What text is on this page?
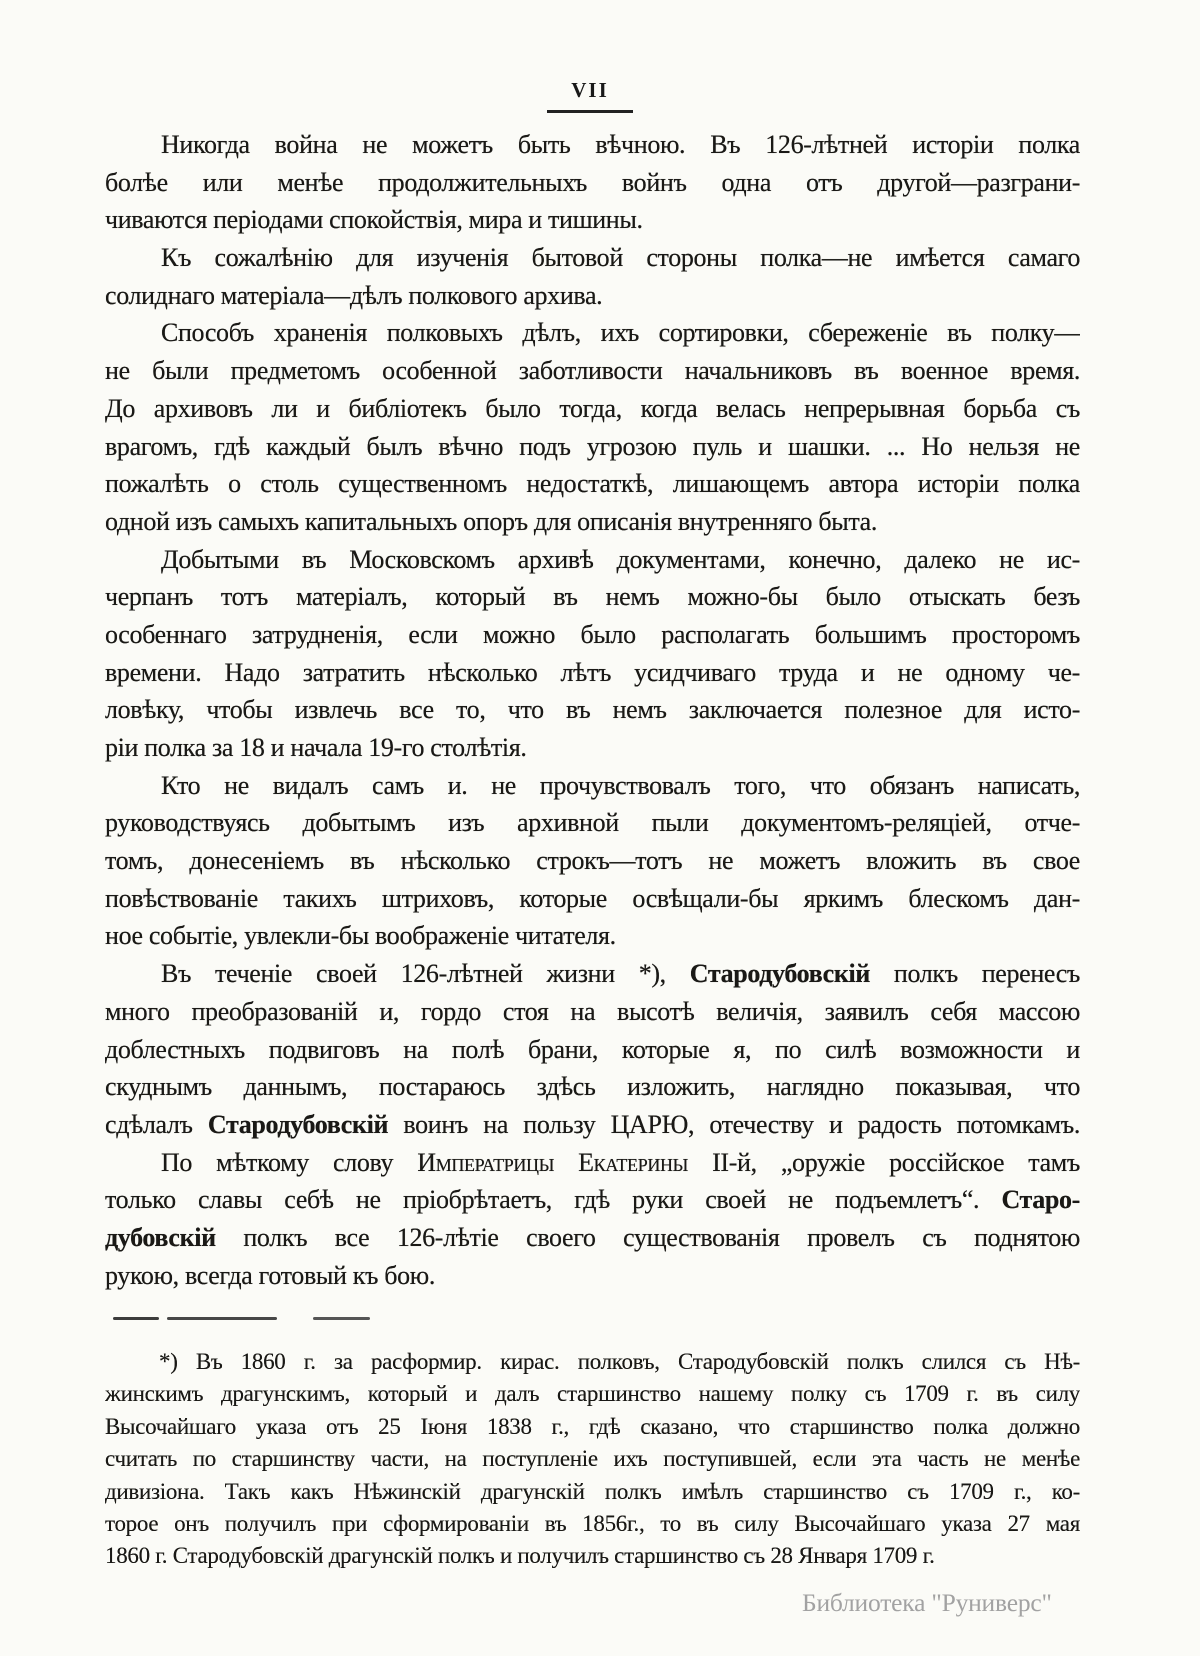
VII
Никогда война не можетъ быть вѣчною. Въ 126-лѣтней исторіи полка
болѣе или менѣе продолжительныхъ войнъ одна отъ другой—разграни-
чиваются періодами спокойствія, мира и тишины.
Къ сожалѣнію для изученія бытовой стороны полка—не имѣется самаго
солиднаго матеріала—дѣлъ полкового архива.
Способъ храненія полковыхъ дѣлъ, ихъ сортировки, сбереженіе въ полку—
не были предметомъ особенной заботливости начальниковъ въ военное время.
До архивовъ ли и библіотекъ было тогда, когда велась непрерывная борьба съ
врагомъ, гдѣ каждый былъ вѣчно подъ угрозою пуль и шашки. ... Но нельзя не
пожалѣть о столь существенномъ недостаткѣ, лишающемъ автора исторіи полка
одной изъ самыхъ капитальныхъ опоръ для описанія внутренняго быта.
Добытыми въ Московскомъ архивѣ документами, конечно, далеко не ис-
черпанъ тотъ матеріалъ, который въ немъ можно-бы было отыскать безъ
особеннаго затрудненія, если можно было располагать большимъ просторомъ
времени. Надо затратить нѣсколько лѣтъ усидчиваго труда и не одному че-
ловѣку, чтобы извлечь все то, что въ немъ заключается полезное для исто-
ріи полка за 18 и начала 19-го столѣтія.
Кто не видалъ самъ и. не прочувствовалъ того, что обязанъ написать,
руководствуясь добытымъ изъ архивной пыли документомъ-реляціей, отче-
томъ, донесеніемъ въ нѣсколько строкъ—тотъ не можетъ вложить въ свое
повѣствованіе такихъ штриховъ, которые освѣщали-бы яркимъ блескомъ дан-
ное событіе, увлекли-бы воображеніе читателя.
Въ теченіе своей 126-лѣтней жизни *), Стародубовскій полкъ перенесъ
много преобразованій и, гордо стоя на высотѣ величія, заявилъ себя массою
доблестныхъ подвиговъ на полѣ брани, которые я, по силѣ возможности и
скуднымъ даннымъ, постараюсь здѣсь изложить, наглядно показывая, что
сдѣлалъ Стародубовскій воинъ на пользу ЦАРЮ, отечеству и радость потомкамъ.
По мѣткому слову Императрицы Екатерины II-й, „оружіе россійское тамъ
только славы себѣ не пріобрѣтаетъ, гдѣ руки своей не подъемлетъ“. Старо-
дубовскій полкъ все 126-лѣтіе своего существованія провелъ съ поднятою
рукою, всегда готовый къ бою.
*) Въ 1860 г. за расформир. кирас. полковъ, Стародубовскій полкъ слился съ Нѣ-
жинскимъ драгунскимъ, который и далъ старшинство нашему полку съ 1709 г. въ силу
Высочайшаго указа отъ 25 Іюня 1838 г., гдѣ сказано, что старшинство полка должно
считать по старшинству части, на поступленіе ихъ поступившей, если эта часть не менѣе
дивизіона. Такъ какъ Нѣжинскій драгунскій полкъ имѣлъ старшинство съ 1709 г., ко-
торое онъ получилъ при сформированіи въ 1856г., то въ силу Высочайшаго указа 27 мая
1860 г. Стародубовскій драгунскій полкъ и получилъ старшинство съ 28 Января 1709 г.
Библиотека "Руниверс"
